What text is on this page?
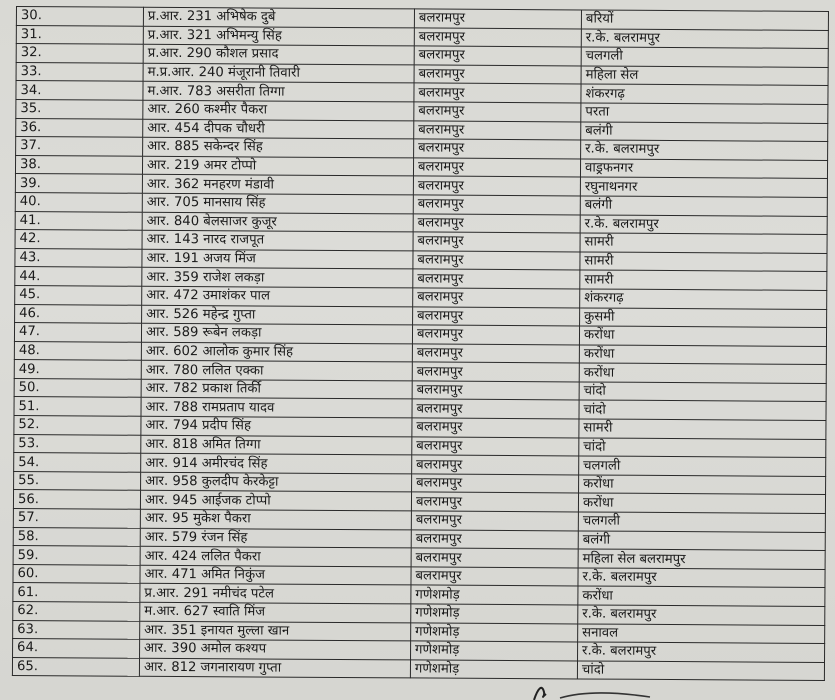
30.	प्र.आर. 231 अभिषेक दुबे	बलरामपुर	बरियों
31.	प्र.आर. 321 अभिमन्यु सिंह	बलरामपुर	र.के. बलरामपुर
32.	प्र.आर. 290 कौशल प्रसाद	बलरामपुर	चलगली
33.	म.प्र.आर. 240 मंजूरानी तिवारी	बलरामपुर	महिला सेल
34.	म.आर. 783 असरीता तिग्गा	बलरामपुर	शंकरगढ़
35.	आर. 260 कश्मीर पैकरा	बलरामपुर	परता
36.	आर. 454 दीपक चौधरी	बलरामपुर	बलंगी
37.	आर. 885 सकेन्दर सिंह	बलरामपुर	र.के. बलरामपुर
38.	आर. 219 अमर टोप्पो	बलरामपुर	वाड्रफनगर
39.	आर. 362 मनहरण मंडावी	बलरामपुर	रघुनाथनगर
40.	आर. 705 मानसाय सिंह	बलरामपुर	बलंगी
41.	आर. 840 बेलसाजर कुजूर	बलरामपुर	र.के. बलरामपुर
42.	आर. 143 नारद राजपूत	बलरामपुर	सामरी
43.	आर. 191 अजय मिंज	बलरामपुर	सामरी
44.	आर. 359 राजेश लकड़ा	बलरामपुर	सामरी
45.	आर. 472 उमाशंकर पाल	बलरामपुर	शंकरगढ़
46.	आर. 526 महेन्द्र गुप्ता	बलरामपुर	कुसमी
47.	आर. 589 रूबेन लकड़ा	बलरामपुर	करोंधा
48.	आर. 602 आलोक कुमार सिंह	बलरामपुर	करोंधा
49.	आर. 780 ललित एक्का	बलरामपुर	करोंधा
50.	आर. 782 प्रकाश तिर्की	बलरामपुर	चांदो
51.	आर. 788 रामप्रताप यादव	बलरामपुर	चांदो
52.	आर. 794 प्रदीप सिंह	बलरामपुर	सामरी
53.	आर. 818 अमित तिग्गा	बलरामपुर	चांदो
54.	आर. 914 अमीरचंद सिंह	बलरामपुर	चलगली
55.	आर. 958 कुलदीप केरकेट्टा	बलरामपुर	करोंधा
56.	आर. 945 आईजक टोप्पो	बलरामपुर	करोंधा
57.	आर. 95 मुकेश पैकरा	बलरामपुर	चलगली
58.	आर. 579 रंजन सिंह	बलरामपुर	बलंगी
59.	आर. 424 ललित पैकरा	बलरामपुर	महिला सेल बलरामपुर
60.	आर. 471 अमित निकुंज	बलरामपुर	र.के. बलरामपुर
61.	प्र.आर. 291 नमीचंद पटेल	गणेशमोड़	करोंधा
62.	म.आर. 627 स्वाति मिंज	गणेशमोड़	र.के. बलरामपुर
63.	आर. 351 इनायत मुल्ला खान	गणेशमोड़	सनावल
64.	आर. 390 अमोल कश्यप	गणेशमोड़	र.के. बलरामपुर
65.	आर. 812 जगनारायण गुप्ता	गणेशमोड़	चांदो
